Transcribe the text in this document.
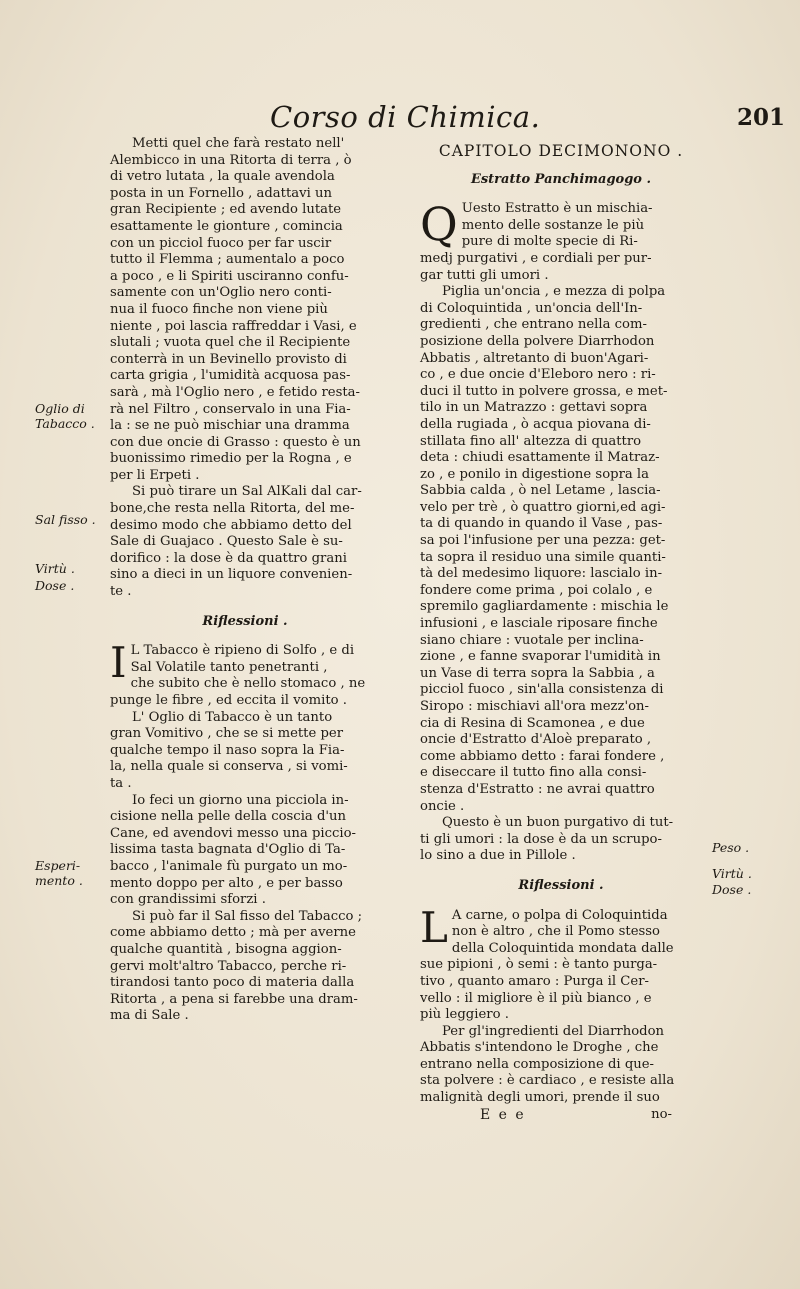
Corso di Chimica.	201

Metti quel che farà restato nell'
Alembicco in una Ritorta di terra , ò
di vetro lutata , la quale avendola
posta in un Fornello , adattavi un
gran Recipiente ; ed avendo lutate
esattamente le gionture , comincia
con un picciol fuoco per far uscir
tutto il Flemma ; aumentalo a poco
a poco , e li Spiriti usciranno confu-
samente con un'Oglio nero conti-
nua il fuoco finche non viene più
niente , poi lascia raffreddar i Vasi, e
slutali ; vuota quel che il Recipiente
conterrà in un Bevinello provisto di
carta grigia , l'umidità acquosa pas-
sarà , mà l'Oglio nero , e fetido resta-
rà nel Filtro , conservalo in una Fia-
la : se ne può mischiar una dramma
con due oncie di Grasso : questo è un
buonissimo rimedio per la Rogna , e
per li Erpeti .

Si può tirare un Sal AlKali dal car-
bone,che resta nella Ritorta, del me-
desimo modo che abbiamo detto del
Sale di Guajaco . Questo Sale è su-
dorifico : la dose è da quattro grani
sino a dieci in un liquore convenien-
te .

Riflessioni .
I L Tabacco è ripieno di Solfo , e di
Sal Volatile tanto penetranti ,
che subito che è nello stomaco , ne
punge le fibre , ed eccita il vomito .

L' Oglio di Tabacco è un tanto
gran Vomitivo , che se si mette per
qualche tempo il naso sopra la Fia-
la, nella quale si conserva , si vomi-
ta .

Io feci un giorno una picciola in-
cisione nella pelle della coscia d'un
Cane, ed avendovi messo una piccio-
lissima tasta bagnata d'Oglio di Ta-
bacco , l'animale fù purgato un mo-
mento doppo per alto , e per basso
con grandissimi sforzi .

Si può far il Sal fisso del Tabacco ;
come abbiamo detto ; mà per averne
qualche quantità , bisogna aggion-
gervi molt'altro Tabacco, perche ri-
tirandosi tanto poco di materia dalla
Ritorta , a pena si farebbe una dram-
ma di Sale .

Oglio di
Tabacco .
Sal fisso .
Virtù .
Dose .
Esperi-
mento .
CAPITOLO DECIMONONO .
Estratto Panchimagogo .
Q Uesto Estratto è un mischia-
mento delle sostanze le più
pure di molte specie di Ri-
medj purgativi , e cordiali per pur-
gar tutti gli umori .

Piglia un'oncia , e mezza di polpa
di Coloquintida , un'oncia dell'In-
gredienti , che entrano nella com-
posizione della polvere Diarrhodon
Abbatis , altretanto di buon'Agari-
co , e due oncie d'Eleboro nero : ri-
duci il tutto in polvere grossa, e met-
tilo in un Matrazzo : gettavi sopra
della rugiada , ò acqua piovana di-
stillata fino all' altezza di quattro
deta : chiudi esattamente il Matraz-
zo , e ponilo in digestione sopra la
Sabbia calda , ò nel Letame , lascia-
velo per trè , ò quattro giorni,ed agi-
ta di quando in quando il Vase , pas-
sa poi l'infusione per una pezza: get-
ta sopra il residuo una simile quanti-
tà del medesimo liquore: lascialo in-
fondere come prima , poi colalo , e
spremilo gagliardamente : mischia le
infusioni , e lasciale riposare finche
siano chiare : vuotale per inclina-
zione , e fanne svaporar l'umidità in
un Vase di terra sopra la Sabbia , a
picciol fuoco , sin'alla consistenza di
Siropo : mischiavi all'ora mezz'on-
cia di Resina di Scamonea , e due
oncie d'Estratto d'Aloè preparato ,
come abbiamo detto : farai fondere ,
e diseccare il tutto fino alla consi-
stenza d'Estratto : ne avrai quattro
oncie .

Questo è un buon purgativo di tut-
ti gli umori : la dose è da un scrupo-
lo sino a due in Pillole .

Riflessioni .
L A carne, o polpa di Coloquintida
non è altro , che il Pomo stesso
della Coloquintida mondata dalle
sue pipioni , ò semi : è tanto purga-
tivo , quanto amaro : Purga il Cer-
vello : il migliore è il più bianco , e
più leggiero .

Per gl'ingredienti del Diarrhodon
Abbatis s'intendono le Droghe , che
entrano nella composizione di que-
sta polvere : è cardiaco , e resiste alla
malignità degli umori, prende il suo

E e e	no-
Peso .
Virtù .
Dose .
